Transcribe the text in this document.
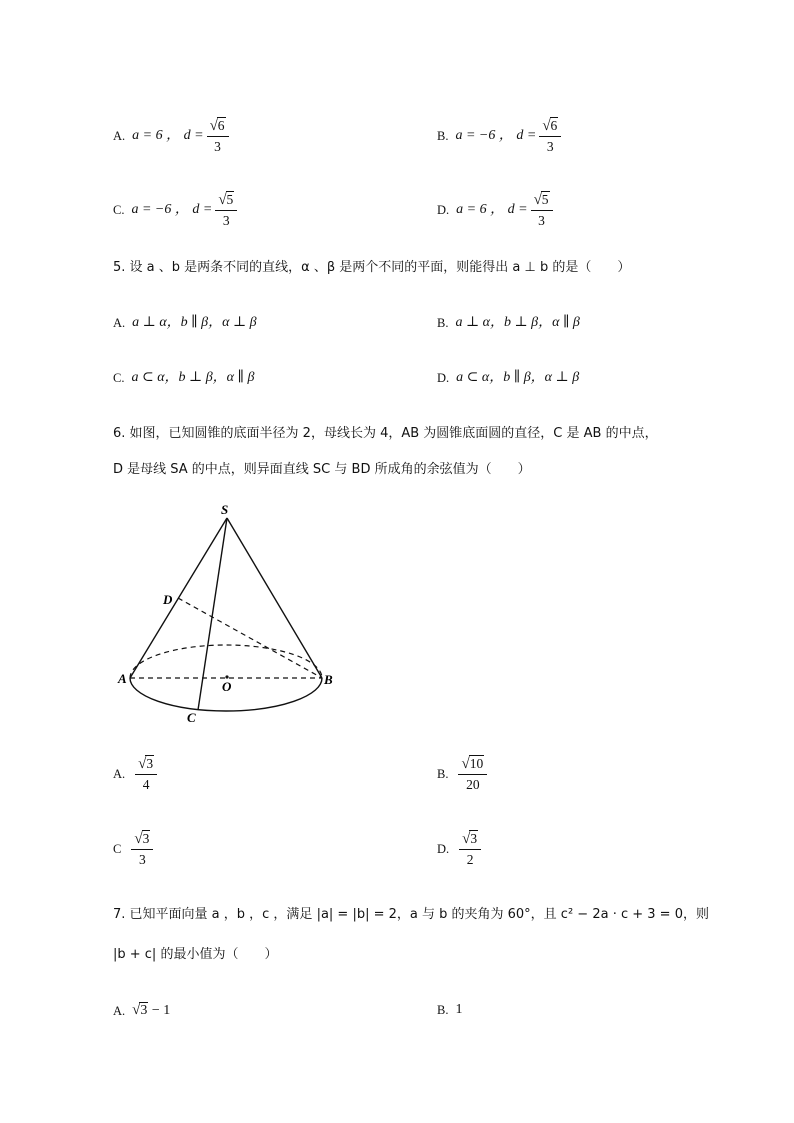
A. a = 6 ， $d = \frac{√6}{3}$	B. a = −6 ， $d = \frac{√6}{3}$
C. a = −6 ， $d = \frac{√5}{3}$	D. a = 6 ， $d = \frac{√5}{3}$
5. 设 a 、b 是两条不同的直线，α 、β 是两个不同的平面，则能得出 a ⊥ b 的是（　　）
A. a ⊥ α，b ∥ β，α ⊥ β	B. a ⊥ α，b ⊥ β，α ∥ β
C. a ⊂ α，b ⊥ β，α ∥ β	D. a ⊂ α，b ∥ β，α ⊥ β
6. 如图，已知圆锥的底面半径为 2，母线长为 4，AB 为圆锥底面圆的直径，C 是 AB 的中点，
D 是母线 SA 的中点，则异面直线 SC 与 BD 所成角的余弦值为（　　）
S
D
A
O	B
C
A. $\frac{√3}{4}$	B. $\frac{√10}{20}$
C $\frac{√3}{3}$	D. $\frac{√3}{2}$
7. 已知平面向量 a ，b ，c ，满足 |a| = |b| = 2，a 与 b 的夹角为 60°，且 c² − 2a · c + 3 = 0，则
|b + c| 的最小值为（　　）
A. √3 − 1	B. 1
